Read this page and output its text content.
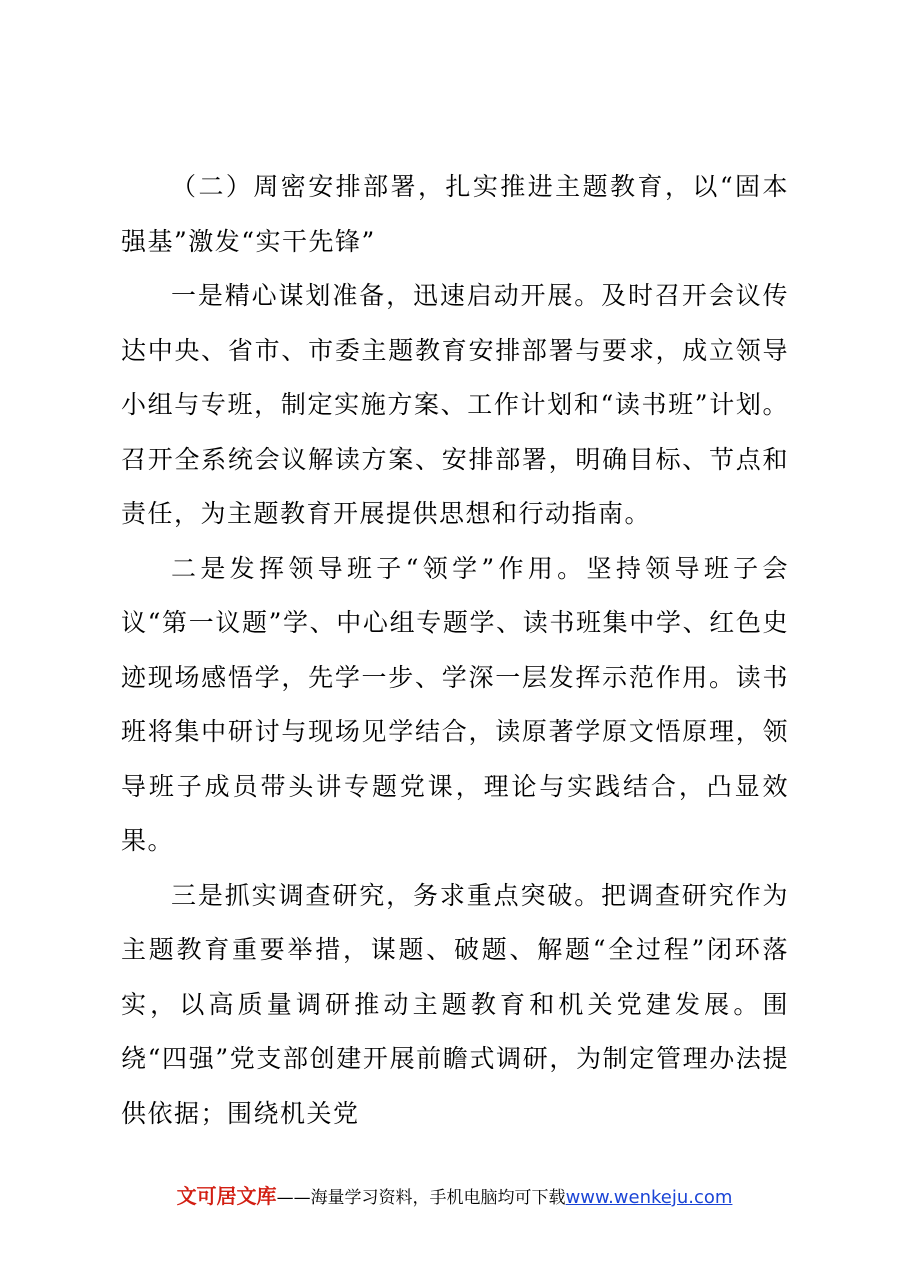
（二）周密安排部署，扎实推进主题教育，以“固本强基”激发“实干先锋”

一是精心谋划准备，迅速启动开展。及时召开会议传达中央、省市、市委主题教育安排部署与要求，成立领导小组与专班，制定实施方案、工作计划和“读书班”计划。召开全系统会议解读方案、安排部署，明确目标、节点和责任，为主题教育开展提供思想和行动指南。

二是发挥领导班子“领学”作用。坚持领导班子会议“第一议题”学、中心组专题学、读书班集中学、红色史迹现场感悟学，先学一步、学深一层发挥示范作用。读书班将集中研讨与现场见学结合，读原著学原文悟原理，领导班子成员带头讲专题党课，理论与实践结合，凸显效果。

三是抓实调查研究，务求重点突破。把调查研究作为主题教育重要举措，谋题、破题、解题“全过程”闭环落实，以高质量调研推动主题教育和机关党建发展。围绕“四强”党支部创建开展前瞻式调研，为制定管理办法提供依据；围绕机关党

文可居文库——海量学习资料，手机电脑均可下载www.wenkeju.com
